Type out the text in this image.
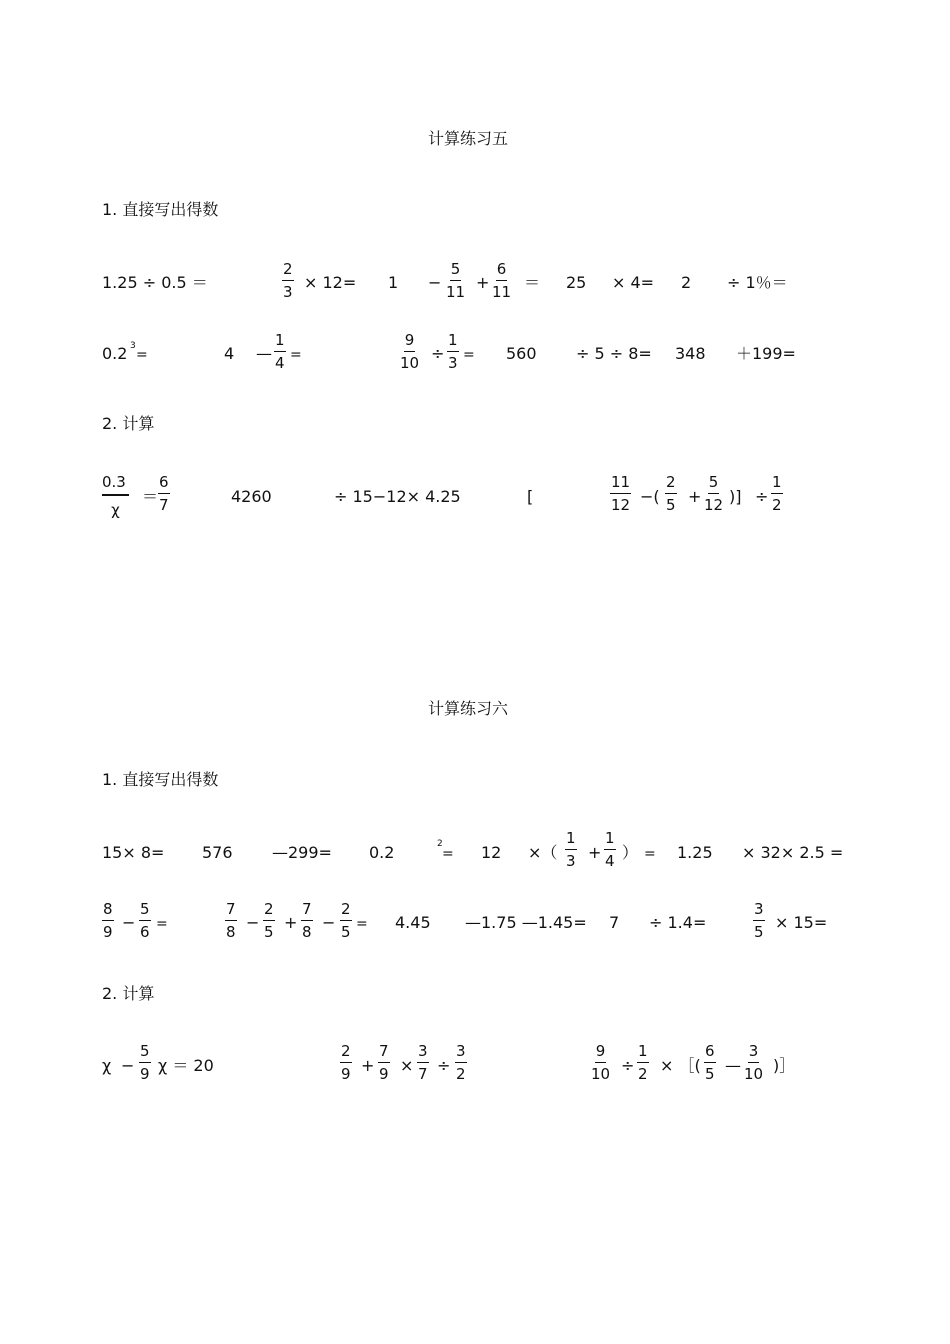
计算练习五
1. 直接写出得数
1.25 ÷ 0.5 ＝	$\frac{2}{3} \times 12= 1 - \frac{5}{11} + \frac{6}{11} = 25 \times 4= 2 \div 1$％＝
0.2 3
=	4 — $\frac{1}{4}$ =	$\frac{9}{10} \div \frac{1}{3} = 560 \div 5 \div 8= 348 +199=$
2. 计算
$\frac{0.3}{\chi} = \frac{6}{7}$	4260	÷ 15−12× 4.25	[	$\frac{11}{12}$ −( $\frac{2}{5} + \frac{5}{12}$ )] ÷ $\frac{1}{2}$
计算练习六
1. 直接写出得数
15× 8= 576 —299= 0.2	2
= 12 ×（ $\frac{1}{3} + \frac{1}{4}$ ） = 1.25 × 32× 2.5 =
$\frac{8}{9} - \frac{5}{6}$ =	$\frac{7}{8} - \frac{2}{5} + \frac{7}{8} - \frac{2}{5} = 4.45$ —1.75 —1.45= 7 ÷ 1.4=	$\frac{3}{5} \times 15=$
2. 计算
$\chi - \frac{5}{9}$ χ ＝ 20	$\frac{2}{9} + \frac{7}{9} \times \frac{3}{7} \div \frac{3}{2}$	$\frac{9}{10} \div \frac{1}{2}$ × ［( $\frac{6}{5}$ — $\frac{3}{10}$ )］
